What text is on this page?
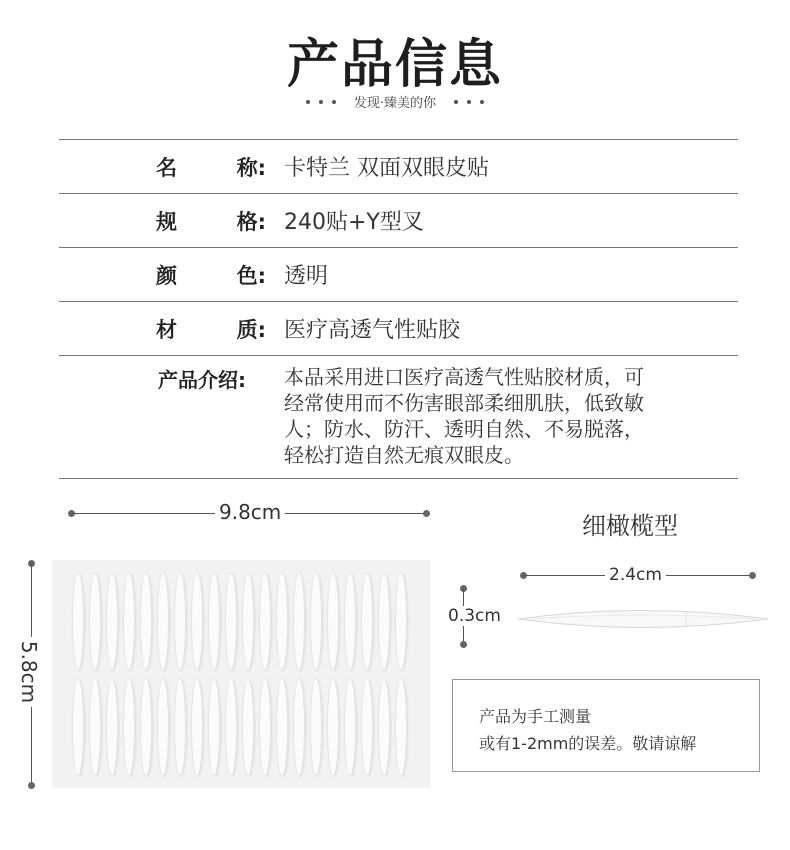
产品信息
发现·臻美的你
名 称 :	卡特兰 双面双眼皮贴

规 格 :	240贴+Y型叉

颜 色 :	透明

材 质 :	医疗高透气性贴胶

产品介绍 :	本品采用进口医疗高透气性贴胶材质，可
经常使用而不伤害眼部柔细肌肤，低致敏
人；防水、防汗、透明自然、不易脱落，
轻松打造自然无痕双眼皮。
9.8cm
5.8cm
细橄榄型
2.4cm
0.3cm
产品为手工测量
或有1-2mm的误差。敬请谅解
